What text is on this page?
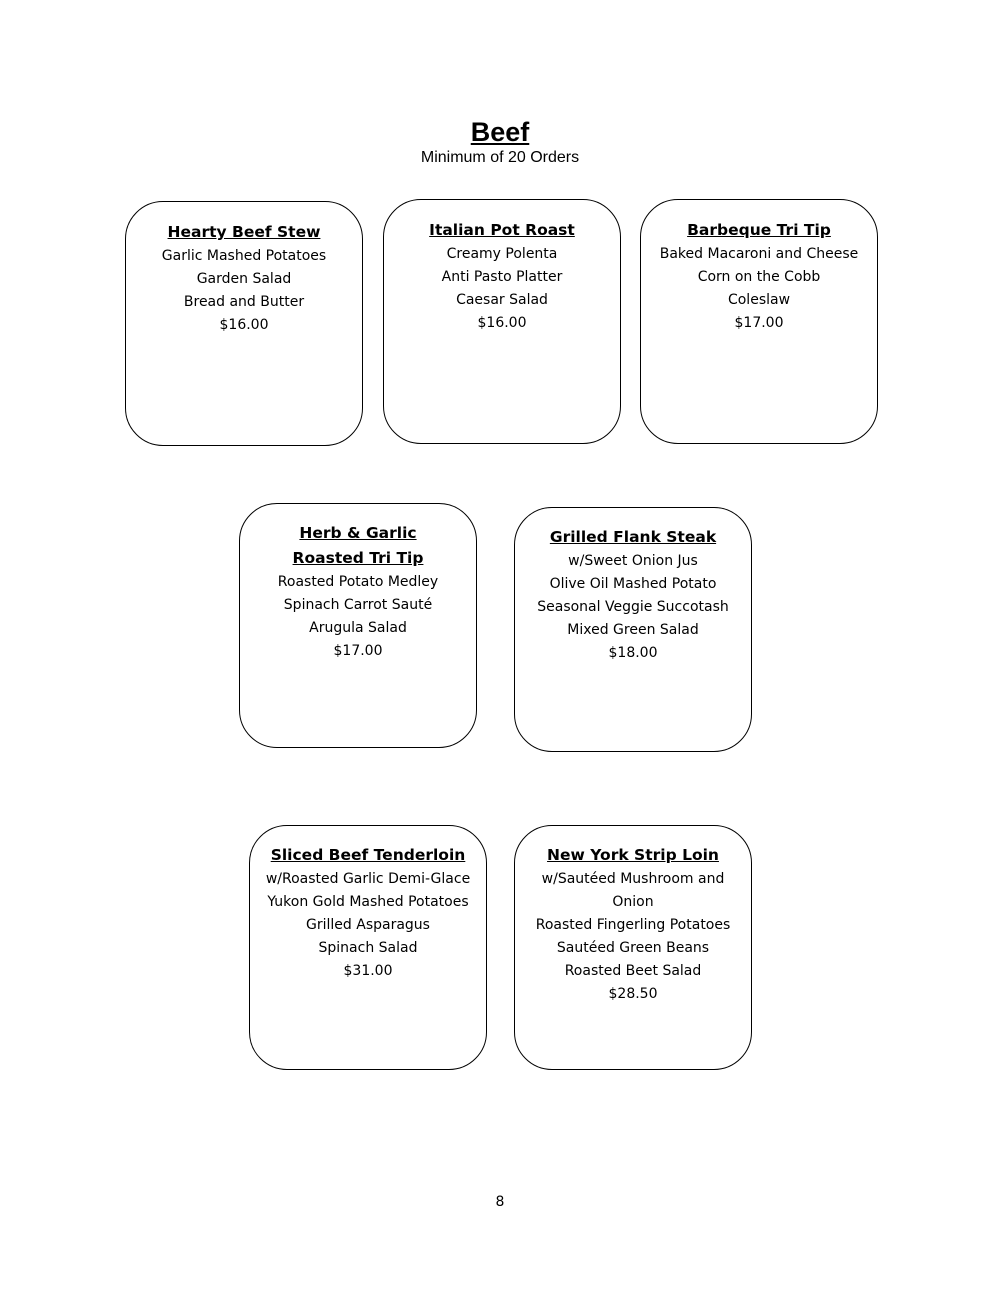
Beef
Minimum of 20 Orders
Hearty Beef Stew
Garlic Mashed Potatoes
Garden Salad
Bread and Butter
$16.00
Italian Pot Roast
Creamy Polenta
Anti Pasto Platter
Caesar Salad
$16.00
Barbeque Tri Tip
Baked Macaroni and Cheese
Corn on the Cobb
Coleslaw
$17.00
Herb & Garlic
Roasted Tri Tip
Roasted Potato Medley
Spinach Carrot Sauté
Arugula Salad
$17.00
Grilled Flank Steak
w/Sweet Onion Jus
Olive Oil Mashed Potato
Seasonal Veggie Succotash
Mixed Green Salad
$18.00
Sliced Beef Tenderloin
w/Roasted Garlic Demi-Glace
Yukon Gold Mashed Potatoes
Grilled Asparagus
Spinach Salad
$31.00
New York Strip Loin
w/Sautéed Mushroom and
Onion
Roasted Fingerling Potatoes
Sautéed Green Beans
Roasted Beet Salad
$28.50
8
